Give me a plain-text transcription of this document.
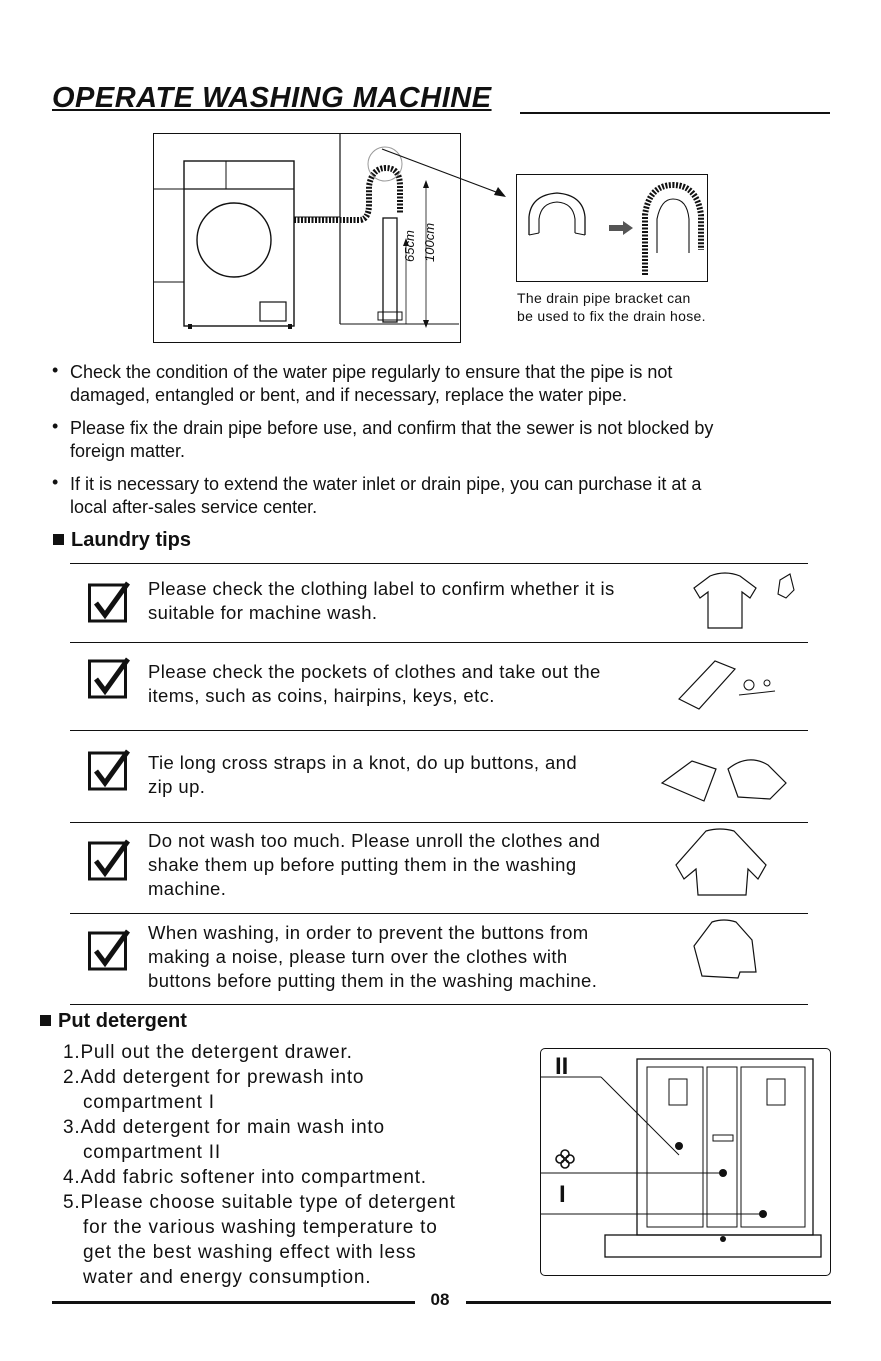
OPERATE WASHING MACHINE
65cm 100cm
The drain pipe bracket can
be used to fix the drain hose.
• Check the condition of the water pipe regularly to ensure that the pipe is not
damaged, entangled or bent, and if necessary, replace the water pipe.
• Please fix the drain pipe before use, and confirm that the sewer is not blocked by
foreign matter.
• If it is necessary to extend the water inlet or drain pipe, you can purchase it at a
local after-sales service center.
Laundry tips
Please check the clothing label to confirm whether it is
suitable for machine wash.
Please check the pockets of clothes and take out the
items, such as coins, hairpins, keys, etc.
Tie long cross straps in a knot, do up buttons, and
zip up.
Do not wash too much. Please unroll the clothes and
shake them up before putting them in the washing
machine.
When washing, in order to prevent the buttons from
making a noise, please turn over the clothes with
buttons before putting them in the washing machine.
Put detergent
1.Pull out the detergent drawer.
2.Add detergent for prewash into
compartment I
3.Add detergent for main wash into
compartment II
4.Add fabric softener into compartment.
5.Please choose suitable type of detergent
for the various washing temperature to
get the best washing effect with less
water and energy consumption.
II
I
08
